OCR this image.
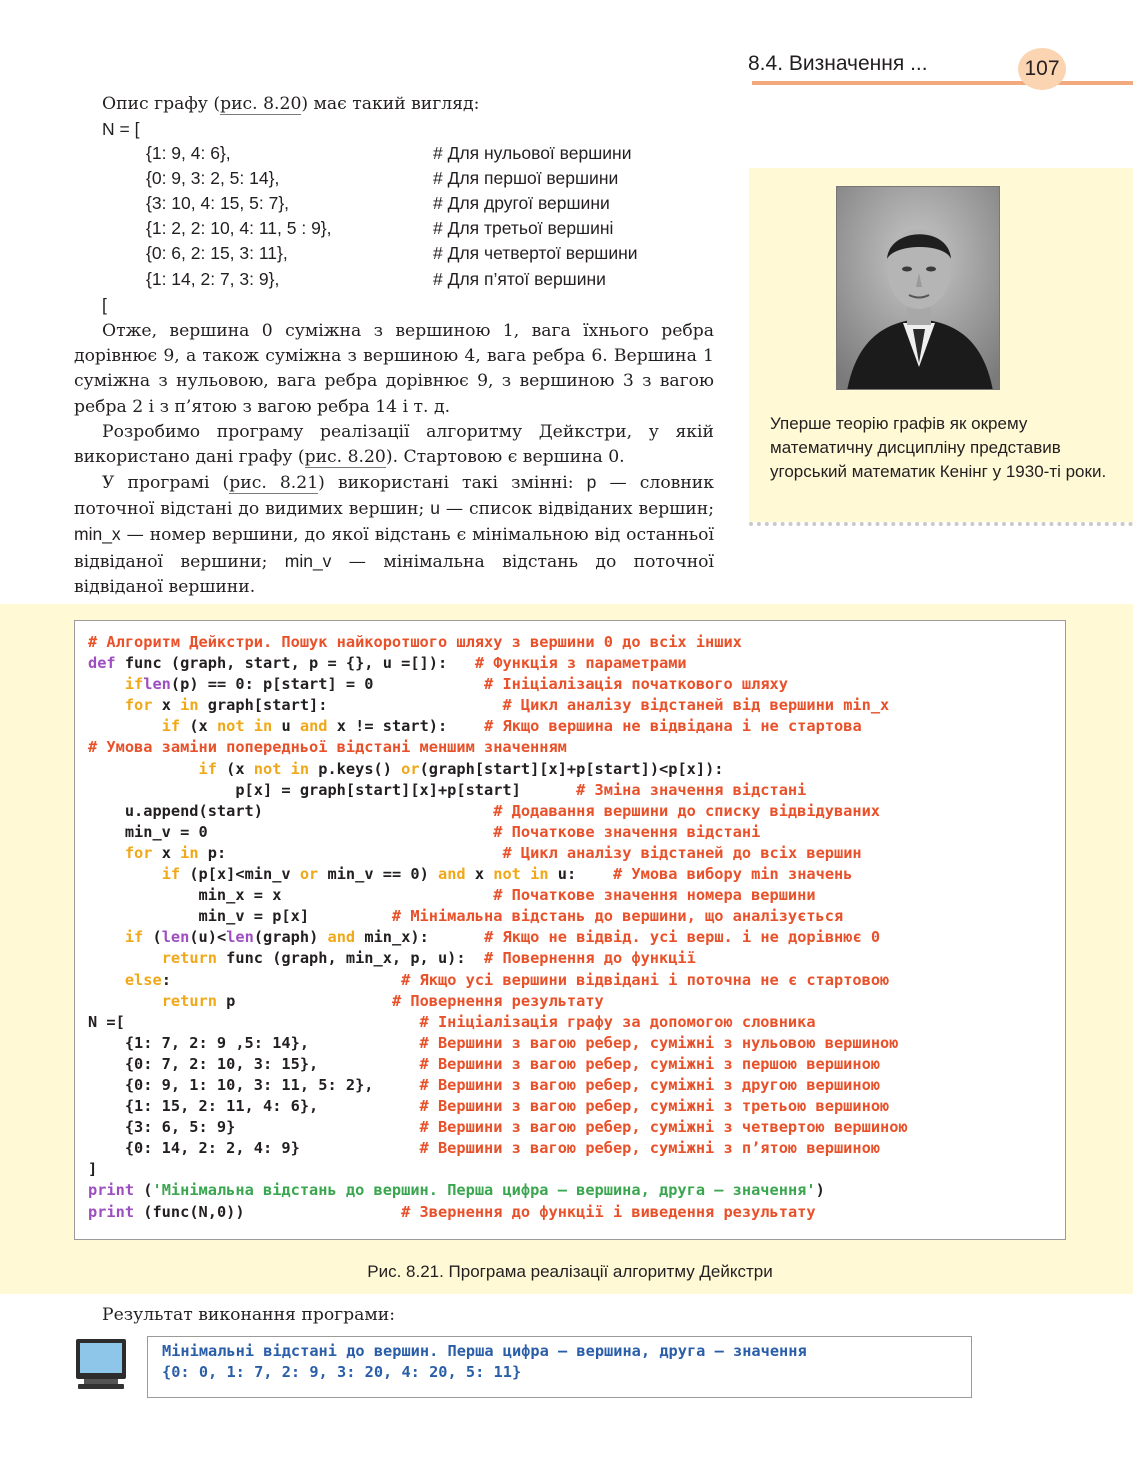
8.4. Визначення ...	107
Опис графу (рис. 8.20) має такий вигляд:
N = [
{1: 9, 4: 6},	# Для нульової вершини
{0: 9, 3: 2, 5: 14},	# Для першої вершини
{3: 10, 4: 15, 5: 7},	# Для другої вершини
{1: 2, 2: 10, 4: 11, 5 : 9},	# Для третьої вершині
{0: 6, 2: 15, 3: 11},	# Для четвертої вершини
{1: 14, 2: 7, 3: 9},	# Для п’ятої вершини
[
Отже, вершина 0 суміжна з вершиною 1, вага їхнього ребра дорівнює 9, а також суміжна з вершиною 4, вага ребра 6. Вершина 1 суміжна з нульовою, вага ребра дорівнює 9, з вершиною 3 з вагою ребра 2 і з п’ятою з вагою ребра 14 і т. д.
Розробимо програму реалізації алгоритму Дейкстри, у якій використано дані графу (рис. 8.20). Стартовою є вершина 0.
У програмі (рис. 8.21) використані такі змінні: p — словник поточної відстані до видимих вершин; u — список відвіданих вершин; min_x — номер вершини, до якої відстань є мінімальною від останньої відвіданої вершини; min_v — мінімальна відстань до поточної відвіданої вершини.
Уперше теорію графів як окрему математичну дисципліну представив угорський математик Кенінг у 1930-ті роки.
# Алгоритм Дейкстри. Пошук найкоротшого шляху з вершини 0 до всіх інших
def func (graph, start, p = {}, u =[]):   # Функція з параметрами
iflen(p) == 0: p[start] = 0            # Ініціалізація початкового шляху
for x in graph[start]:                   # Цикл аналізу відстаней від вершини min_x
if (x not in u and x != start):    # Якщо вершина не відвідана і не стартова
# Умова заміни попередньої відстані меншим значенням
if (x not in p.keys() or(graph[start][x]+p[start])<p[x]):
p[x] = graph[start][x]+p[start]      # Зміна значення відстані
u.append(start)                         # Додавання вершини до списку відвідуваних
min_v = 0                               # Початкове значення відстані
for x in p:                              # Цикл аналізу відстаней до всіх вершин
if (p[x]<min_v or min_v == 0) and x not in u:    # Умова вибору min значень
min_x = x                       # Початкове значення номера вершини
min_v = p[x]         # Мінімальна відстань до вершини, що аналізується
if (len(u)<len(graph) and min_x):      # Якщо не відвід. усі верш. і не дорівнює 0
return func (graph, min_x, p, u):  # Повернення до функції
else:                         # Якщо усі вершини відвідані і поточна не є стартовою
return p                 # Повернення результату
N =[                                # Ініціалізація графу за допомогою словника
{1: 7, 2: 9 ,5: 14},            # Вершини з вагою ребер, суміжні з нульовою вершиною
{0: 7, 2: 10, 3: 15},           # Вершини з вагою ребер, суміжні з першою вершиною
{0: 9, 1: 10, 3: 11, 5: 2},     # Вершини з вагою ребер, суміжні з другою вершиною
{1: 15, 2: 11, 4: 6},           # Вершини з вагою ребер, суміжні з третьою вершиною
{3: 6, 5: 9}                    # Вершини з вагою ребер, суміжні з четвертою вершиною
{0: 14, 2: 2, 4: 9}             # Вершини з вагою ребер, суміжні з п’ятою вершиною
]
print ('Мінімальна відстань до вершин. Перша цифра – вершина, друга – значення')
print (func(N,0))                 # Звернення до функції і виведення результату
Рис. 8.21. Програма реалізації алгоритму Дейкстри
Результат виконання програми:
Мінімальні відстані до вершин. Перша цифра – вершина, друга – значення
{0: 0, 1: 7, 2: 9, 3: 20, 4: 20, 5: 11}
